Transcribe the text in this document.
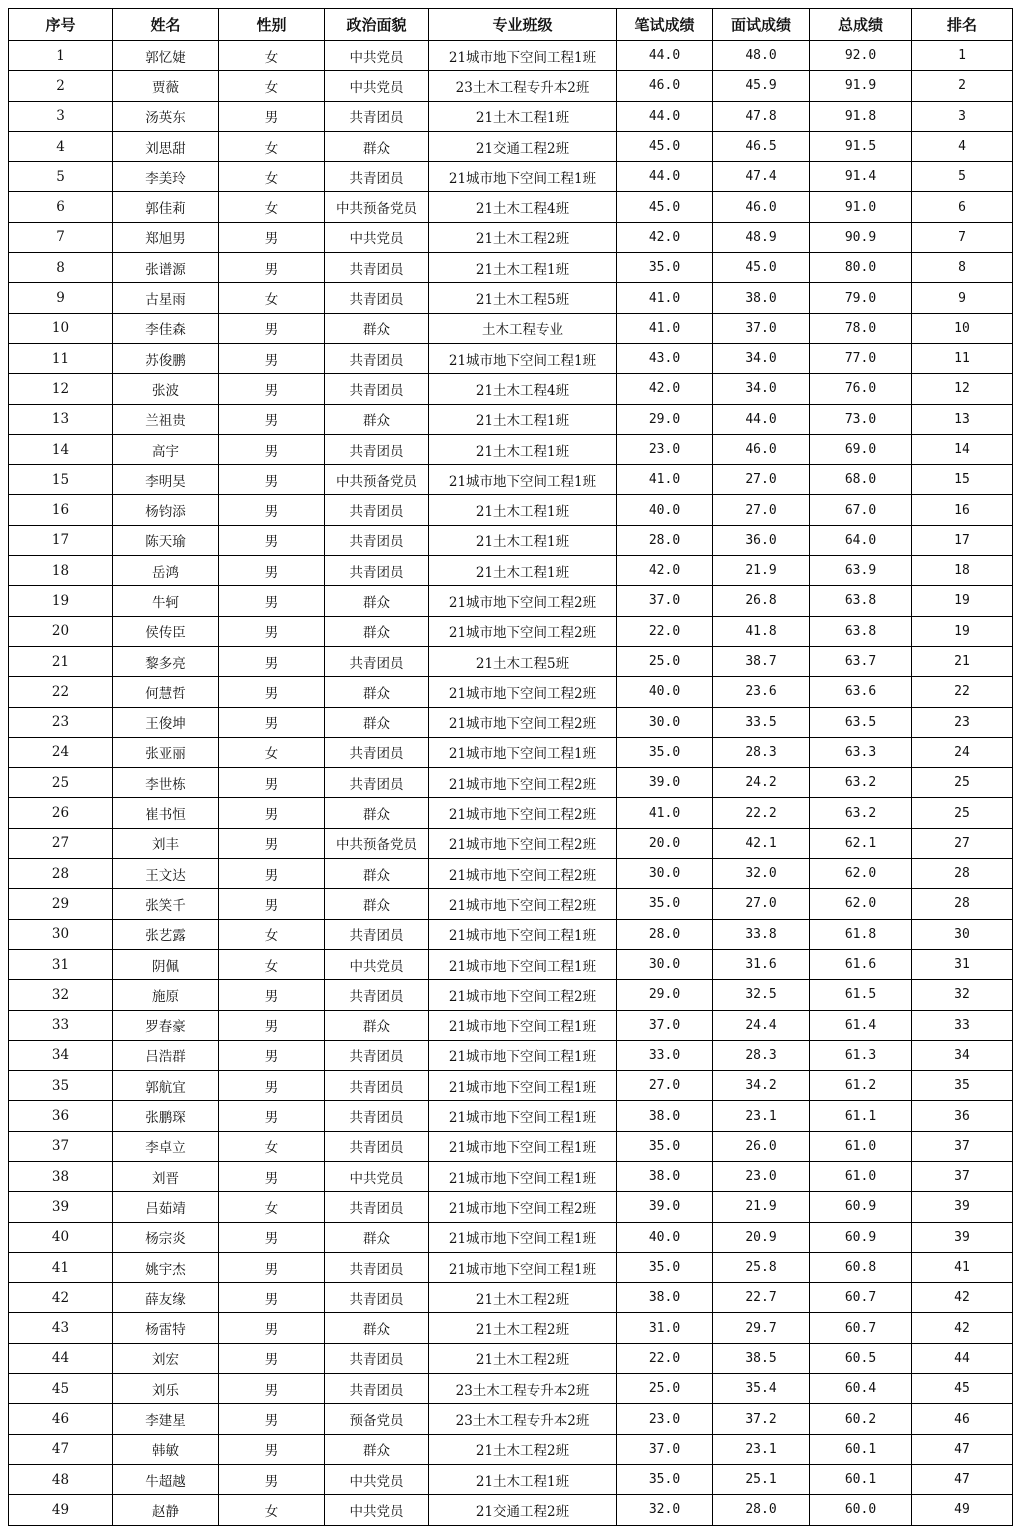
序号	姓名	性别	政治面貌	专业班级	笔试成绩	面试成绩	总成绩	排名
1	郭忆婕	女	中共党员	21城市地下空间工程1班	44.0	48.0	92.0	1
2	贾薇	女	中共党员	23土木工程专升本2班	46.0	45.9	91.9	2
3	汤英东	男	共青团员	21土木工程1班	44.0	47.8	91.8	3
4	刘思甜	女	群众	21交通工程2班	45.0	46.5	91.5	4
5	李美玲	女	共青团员	21城市地下空间工程1班	44.0	47.4	91.4	5
6	郭佳莉	女	中共预备党员	21土木工程4班	45.0	46.0	91.0	6
7	郑旭男	男	中共党员	21土木工程2班	42.0	48.9	90.9	7
8	张谱源	男	共青团员	21土木工程1班	35.0	45.0	80.0	8
9	古星雨	女	共青团员	21土木工程5班	41.0	38.0	79.0	9
10	李佳森	男	群众	土木工程专业	41.0	37.0	78.0	10
11	苏俊鹏	男	共青团员	21城市地下空间工程1班	43.0	34.0	77.0	11
12	张波	男	共青团员	21土木工程4班	42.0	34.0	76.0	12
13	兰祖贵	男	群众	21土木工程1班	29.0	44.0	73.0	13
14	高宇	男	共青团员	21土木工程1班	23.0	46.0	69.0	14
15	李明昊	男	中共预备党员	21城市地下空间工程1班	41.0	27.0	68.0	15
16	杨钧添	男	共青团员	21土木工程1班	40.0	27.0	67.0	16
17	陈天瑜	男	共青团员	21土木工程1班	28.0	36.0	64.0	17
18	岳鸿	男	共青团员	21土木工程1班	42.0	21.9	63.9	18
19	牛轲	男	群众	21城市地下空间工程2班	37.0	26.8	63.8	19
20	侯传臣	男	群众	21城市地下空间工程2班	22.0	41.8	63.8	19
21	黎多亮	男	共青团员	21土木工程5班	25.0	38.7	63.7	21
22	何慧哲	男	群众	21城市地下空间工程2班	40.0	23.6	63.6	22
23	王俊坤	男	群众	21城市地下空间工程2班	30.0	33.5	63.5	23
24	张亚丽	女	共青团员	21城市地下空间工程1班	35.0	28.3	63.3	24
25	李世栋	男	共青团员	21城市地下空间工程2班	39.0	24.2	63.2	25
26	崔书恒	男	群众	21城市地下空间工程2班	41.0	22.2	63.2	25
27	刘丰	男	中共预备党员	21城市地下空间工程2班	20.0	42.1	62.1	27
28	王文达	男	群众	21城市地下空间工程2班	30.0	32.0	62.0	28
29	张笑千	男	群众	21城市地下空间工程2班	35.0	27.0	62.0	28
30	张艺露	女	共青团员	21城市地下空间工程1班	28.0	33.8	61.8	30
31	阴佩	女	中共党员	21城市地下空间工程1班	30.0	31.6	61.6	31
32	施原	男	共青团员	21城市地下空间工程2班	29.0	32.5	61.5	32
33	罗春豪	男	群众	21城市地下空间工程1班	37.0	24.4	61.4	33
34	吕浩群	男	共青团员	21城市地下空间工程1班	33.0	28.3	61.3	34
35	郭航宜	男	共青团员	21城市地下空间工程1班	27.0	34.2	61.2	35
36	张鹏琛	男	共青团员	21城市地下空间工程1班	38.0	23.1	61.1	36
37	李卓立	女	共青团员	21城市地下空间工程1班	35.0	26.0	61.0	37
38	刘晋	男	中共党员	21城市地下空间工程1班	38.0	23.0	61.0	37
39	吕茹靖	女	共青团员	21城市地下空间工程2班	39.0	21.9	60.9	39
40	杨宗炎	男	群众	21城市地下空间工程1班	40.0	20.9	60.9	39
41	姚宇杰	男	共青团员	21城市地下空间工程1班	35.0	25.8	60.8	41
42	薛友缘	男	共青团员	21土木工程2班	38.0	22.7	60.7	42
43	杨雷特	男	群众	21土木工程2班	31.0	29.7	60.7	42
44	刘宏	男	共青团员	21土木工程2班	22.0	38.5	60.5	44
45	刘乐	男	共青团员	23土木工程专升本2班	25.0	35.4	60.4	45
46	李建星	男	预备党员	23土木工程专升本2班	23.0	37.2	60.2	46
47	韩敏	男	群众	21土木工程2班	37.0	23.1	60.1	47
48	牛超越	男	中共党员	21土木工程1班	35.0	25.1	60.1	47
49	赵静	女	中共党员	21交通工程2班	32.0	28.0	60.0	49
